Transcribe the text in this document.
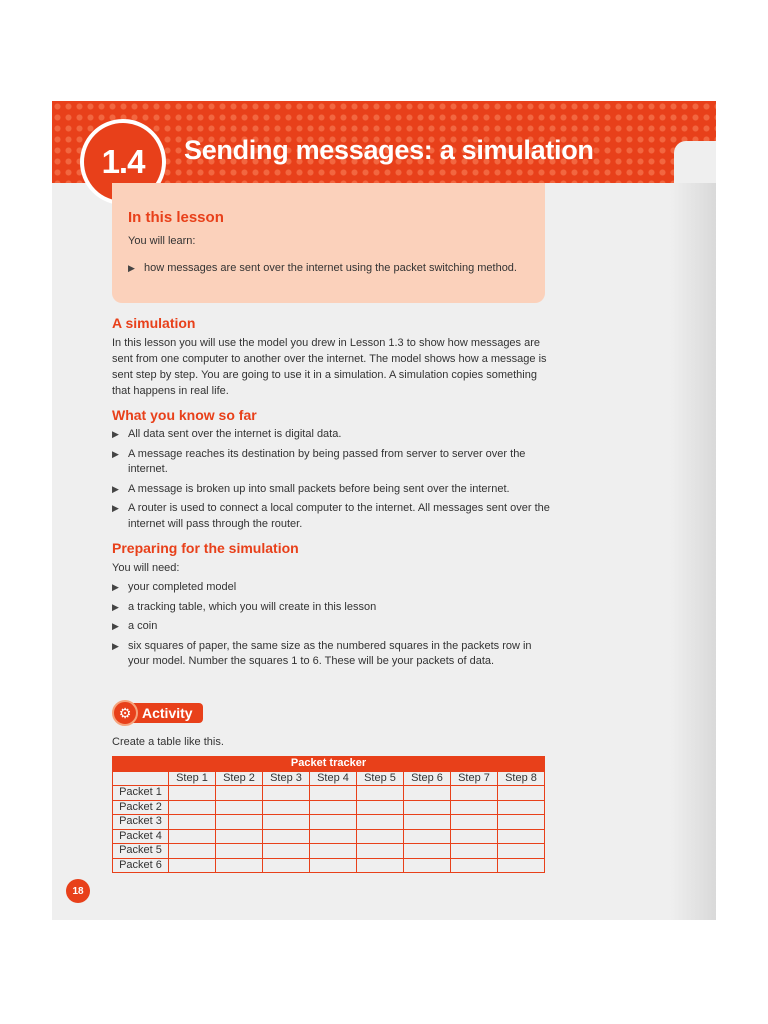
Sending messages: a simulation
1.4
In this lesson
You will learn:
▶ how messages are sent over the internet using the packet switching method.
A simulation

In this lesson you will use the model you drew in Lesson 1.3 to show how messages are sent from one computer to another over the internet. The model shows how a message is sent step by step. You are going to use it in a simulation. A simulation copies something that happens in real life.

What you know so far
▶ All data sent over the internet is digital data.
▶ A message reaches its destination by being passed from server to server over the internet.
▶ A message is broken up into small packets before being sent over the internet.
▶ A router is used to connect a local computer to the internet. All messages sent over the internet will pass through the router.
Preparing for the simulation

You will need:

▶ your completed model
▶ a tracking table, which you will create in this lesson
▶ a coin
▶ six squares of paper, the same size as the numbered squares in the packets row in your model. Number the squares 1 to 6. These will be your packets of data.
⚙ Activity
Create a table like this.
Packet tracker								
	Step 1	Step 2	Step 3	Step 4	Step 5	Step 6	Step 7	Step 8
Packet 1								
Packet 2								
Packet 3								
Packet 4								
Packet 5								
Packet 6								
18
